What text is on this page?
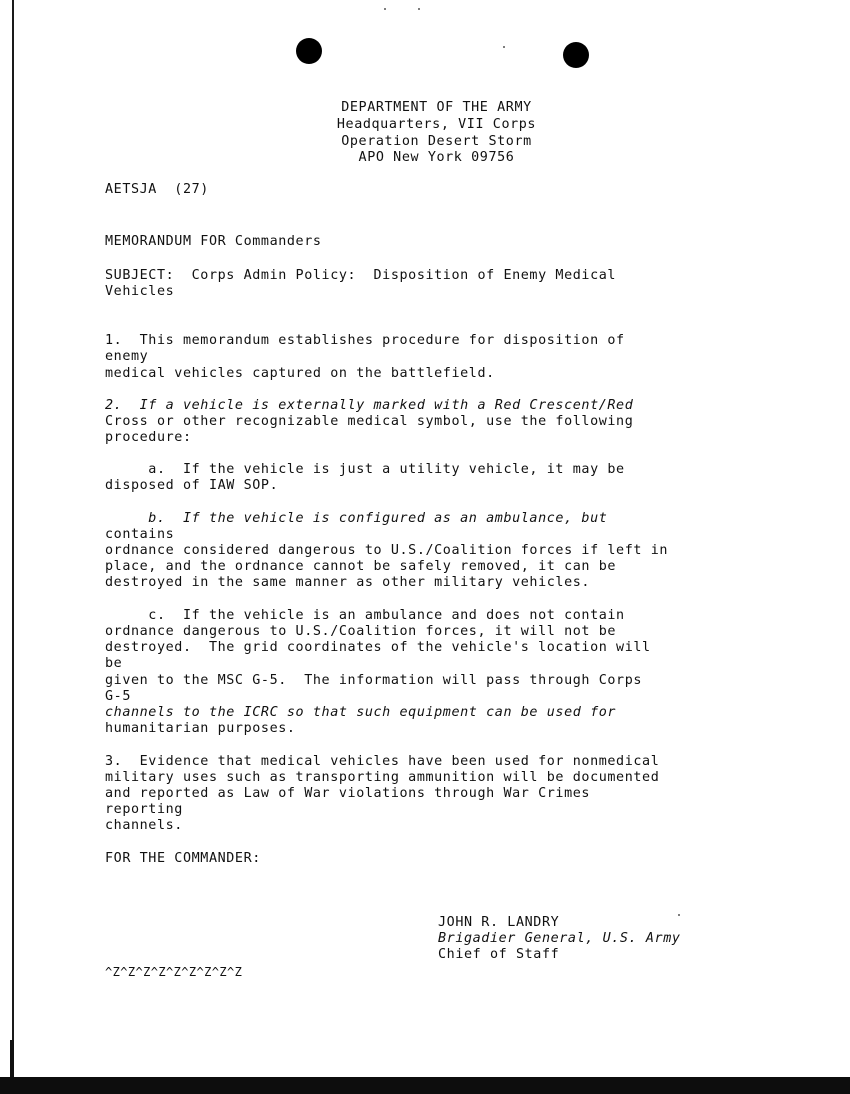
DEPARTMENT OF THE ARMY
Headquarters, VII Corps
Operation Desert Storm
APO New York 09756
AETSJA  (27)
MEMORANDUM FOR Commanders
SUBJECT:  Corps Admin Policy:  Disposition of Enemy Medical
Vehicles
1.  This memorandum establishes procedure for disposition of
enemy
medical vehicles captured on the battlefield.
2.  If a vehicle is externally marked with a Red Crescent/Red
Cross or other recognizable medical symbol, use the following
procedure:
a.  If the vehicle is just a utility vehicle, it may be
disposed of IAW SOP.
b.  If the vehicle is configured as an ambulance, but
contains
ordnance considered dangerous to U.S./Coalition forces if left in
place, and the ordnance cannot be safely removed, it can be
destroyed in the same manner as other military vehicles.
c.  If the vehicle is an ambulance and does not contain
ordnance dangerous to U.S./Coalition forces, it will not be
destroyed.  The grid coordinates of the vehicle's location will
be
given to the MSC G-5.  The information will pass through Corps
G-5
channels to the ICRC so that such equipment can be used for
humanitarian purposes.
3.  Evidence that medical vehicles have been used for nonmedical
military uses such as transporting ammunition will be documented
and reported as Law of War violations through War Crimes
reporting
channels.
FOR THE COMMANDER:
JOHN R. LANDRY
Brigadier General, U.S. Army
Chief of Staff
^Z^Z^Z^Z^Z^Z^Z^Z^Z
